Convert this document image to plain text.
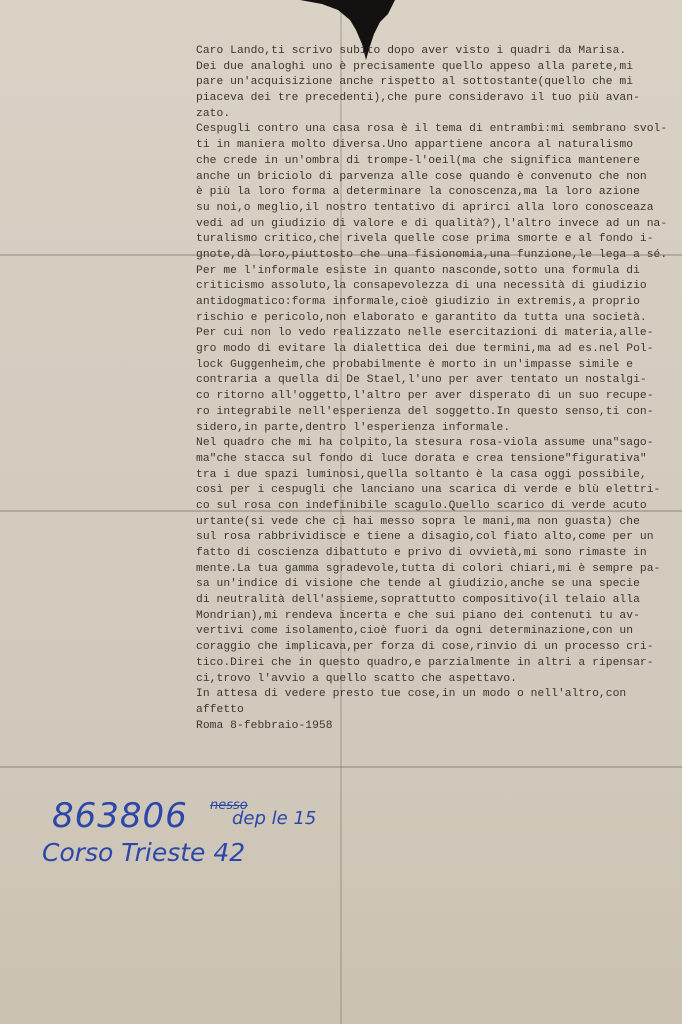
Caro Lando,ti scrivo subito dopo aver visto i quadri da Marisa.
Dei due analoghi uno è precisamente quello appeso alla parete,mi
pare un'acquisizione anche rispetto al sottostante(quello che mi
piaceva dei tre precedenti),che pure consideravo il tuo più avan-
zato.
Cespugli contro una casa rosa è il tema di entrambi:mi sembrano svol-
ti in maniera molto diversa.Uno appartiene ancora al naturalismo
che crede in un'ombra di trompe-l'oeil(ma che significa mantenere
anche un briciolo di parvenza alle cose quando è convenuto che non
è più la loro forma a determinare la conoscenza,ma la loro azione
su noi,o meglio,il nostro tentativo di aprirci alla loro conosceaza
vedi ad un giudizio di valore e di qualità?),l'altro invece ad un na-
turalismo critico,che rivela quelle cose prima smorte e al fondo i-
gnote,dà loro,piuttosto che una fisionomia,una funzione,le lega a sé.
Per me l'informale esiste in quanto nasconde,sotto una formula di
criticismo assoluto,la consapevolezza di una necessità di giudizio
antidogmatico:forma informale,cioè giudizio in extremis,a proprio
rischio e pericolo,non elaborato e garantito da tutta una società.
Per cui non lo vedo realizzato nelle esercitazioni di materia,alle-
gro modo di evitare la dialettica dei due termini,ma ad es.nel Pol-
lock Guggenheim,che probabilmente è morto in un'impasse simile e
contraria a quella di De Stael,l'uno per aver tentato un nostalgi-
co ritorno all'oggetto,l'altro per aver disperato di un suo recupe-
ro integrabile nell'esperienza del soggetto.In questo senso,ti con-
sidero,in parte,dentro l'esperienza informale.
Nel quadro che mi ha colpito,la stesura rosa-viola assume una"sago-
ma"che stacca sul fondo di luce dorata e crea tensione"figurativa"
tra i due spazi luminosi,quella soltanto è la casa oggi possibile,
così per i cespugli che lanciano una scarica di verde e blù elettri-
co sul rosa con indefinibile scagulo.Quello scarico di verde acuto
urtante(si vede che ci hai messo sopra le mani,ma non guasta) che
sul rosa rabbrividisce e tiene a disagio,col fiato alto,come per un
fatto di coscienza dibattuto e privo di ovvietà,mi sono rimaste in
mente.La tua gamma sgradevole,tutta di colori chiari,mi è sempre pa-
sa un'indice di visione che tende al giudizio,anche se una specie
di neutralità dell'assieme,soprattutto compositivo(il telaio alla
Mondrian),mi rendeva incerta e che sui piano dei contenuti tu av-
vertivi come isolamento,cioè fuori da ogni determinazione,con un
coraggio che implicava,per forza di cose,rinvio di un processo cri-
tico.Direi che in questo quadro,e parzialmente in altri a ripensar-
ci,trovo l'avvio a quello scatto che aspettavo.
In attesa di vedere presto tue cose,in un modo o nell'altro,con
affetto
Roma 8-febbraio-1958
863806 nesso
dep le 15
Corso Trieste 42
